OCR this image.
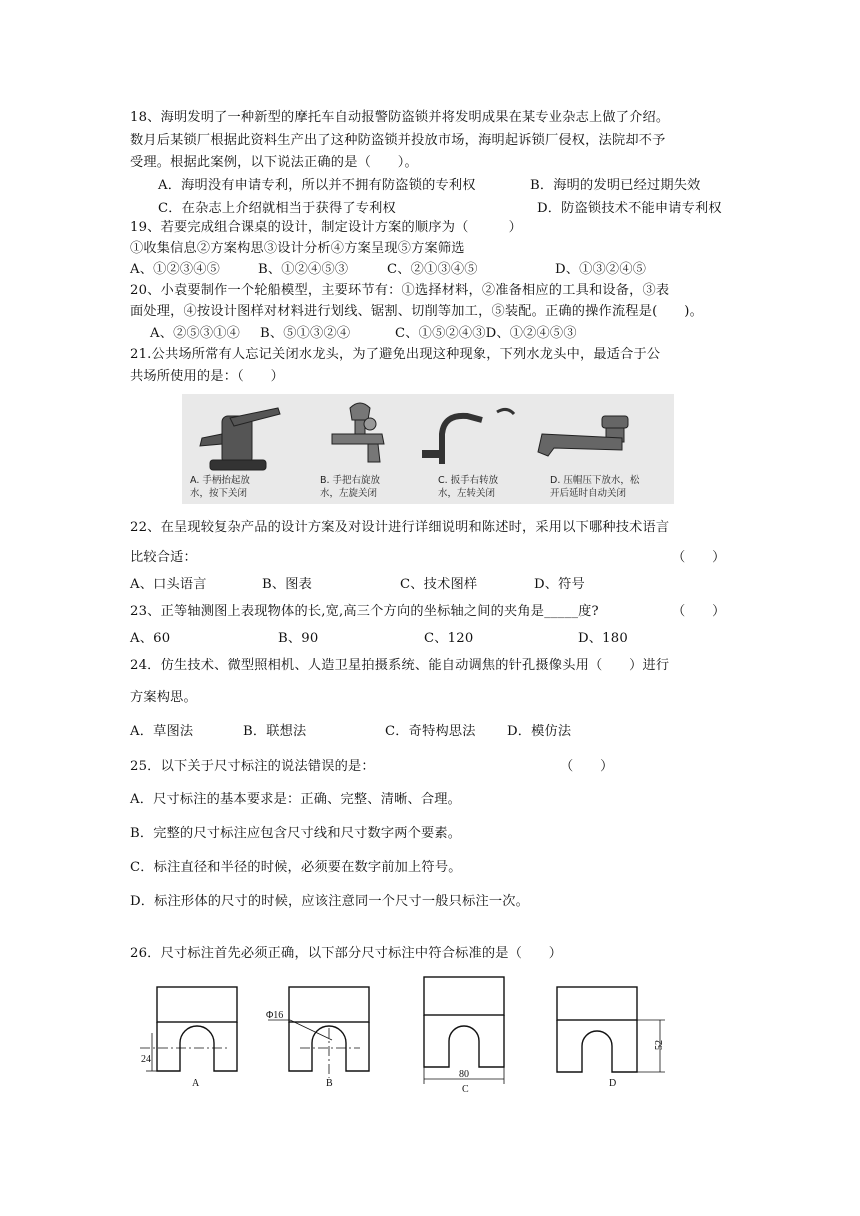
18、海明发明了一种新型的摩托车自动报警防盗锁并将发明成果在某专业杂志上做了介绍。
数月后某锁厂根据此资料生产出了这种防盗锁并投放市场，海明起诉锁厂侵权，法院却不予
受理。根据此案例，以下说法正确的是（　　）。
A．海明没有申请专利，所以并不拥有防盗锁的专利权	B．海明的发明已经过期失效
C．在杂志上介绍就相当于获得了专利权	D．防盗锁技术不能申请专利权
19、若要完成组合课桌的设计，制定设计方案的顺序为（　　　）
①收集信息②方案构思③设计分析④方案呈现⑤方案筛选
A、①②③④⑤	B、①②④⑤③	C、②①③④⑤	D、①③②④⑤
20、小袁要制作一个轮船模型，主要环节有：①选择材料，②准备相应的工具和设备，③表
面处理，④按设计图样对材料进行划线、锯割、切削等加工，⑤装配。正确的操作流程是(　　)。
A、②⑤③①④ B、⑤①③②④	C、①⑤②④③D、①②④⑤③
21.公共场所常有人忘记关闭水龙头，为了避免出现这种现象，下列水龙头中，最适合于公
共场所使用的是：（　　）
A. 手柄抬起放
水，按下关闭
B. 手把右旋放
水，左旋关闭
C. 扳手右转放
水，左转关闭
D. 压帽压下放水，松
开后延时自动关闭
22、在呈现较复杂产品的设计方案及对设计进行详细说明和陈述时，采用以下哪种技术语言
比较合适：	（　　）
A、口头语言	B、图表	C、技术图样	D、符号
23、正等轴测图上表现物体的长,宽,高三个方向的坐标轴之间的夹角是_____度?	（　　）
A、60	B、90	C、120	D、180
24．仿生技术、微型照相机、人造卫星拍摄系统、能自动调焦的针孔摄像头用（　　）进行
方案构思。
A．草图法	B．联想法	C．奇特构思法 D．模仿法
25．以下关于尺寸标注的说法错误的是：	（　　）
A．尺寸标注的基本要求是：正确、完整、清晰、合理。
B．完整的尺寸标注应包含尺寸线和尺寸数字两个要素。
C．标注直径和半径的时候，必须要在数字前加上符号。
D．标注形体的尺寸的时候，应该注意同一个尺寸一般只标注一次。
26．尺寸标注首先必须正确，以下部分尺寸标注中符合标准的是（　　）
24
A
Φ16
B
80
C
52
D
